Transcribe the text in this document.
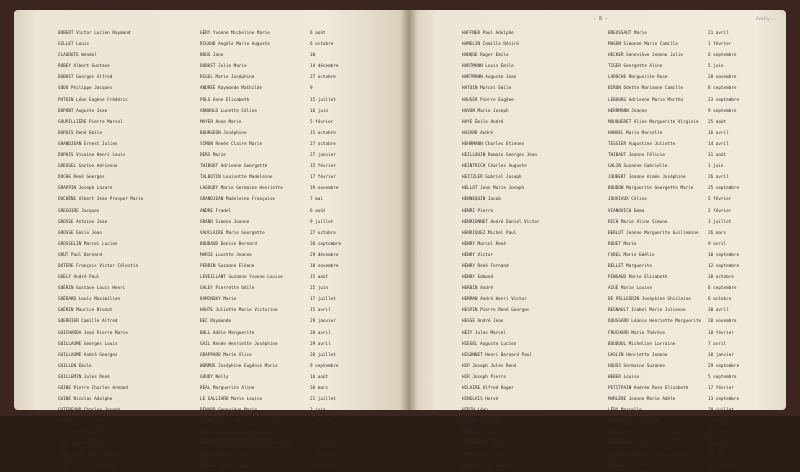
BOBERT Victor Lucien Raymond	GÉRY Yvonne Micheline Marie	6 août
GILLET Louis	RIGAUD Angèle Marie Auguste	6 octobre
CLAUDOTE Wendel	NOUS Jane	30
ROBEY Albert Gustave	DUBOST Julie Marie	14 décembre
DUBOST Georges Alfred	RIGEL Marie Joséphine	27 octobre
GODO Philippe Jacques	ANDRÉE Raymonde Mathilde	9
PATOIN Léon Eugène Frédéric	POLS Anne Elisabeth	15 juillet
DUPONT Auguste Jean	ARNOULD Lucette Céline	16 juin
GOUPILLIÈRE Pierre Marcel	MAYER Anne Marie	5 février
DUPUIS René Emile	BOURGEON Joséphine	15 octobre
GRANDJEAN Ernest Julien	SIMON Renée Claire Marie	27 octobre
DUPUIS Vivaine Henri Louis	DERS Marie	27 janvier
GREUSEL Gaston Adrienne	THIBOUT Adrienne Georgette	15 février
DUCHE René Georges	TALBOTIN Louisette Madeleine	17 février
GRAPPIN Joseph Lazare	LAGOUDY Marie Germaine Henriette	19 novembre
DUCHÊNE Albert Jean Prosper Marie	GRANDJEAN Madeleine Françoise	7 mai
GREGOIRE Jacques	ANDRE Fradel	6 août
GROSSE Antoine Jean	GRAND Simone Jeanne	9 juillet
GROSSE Emile Jean	VAUCLAIRE Marie Georgette	27 octobre
GROSSELIN Marcel Lucien	BOUDAUD Denise Bernard	20 septembre
GRUT Paul Bernard	MARIE Lucette Jeanne	29 décembre
DUTERE François Victor Célestin	PERRIN Suzanne Eléone	10 novembre
GUELY André Paul	LÉVEILLANT Suzanne Yvonne Louise	15 août
GUÉRIN Gustave Louis Henri	GALEY Pierrette Odile	25 juin
GUÉRARD Louis Maximilien	KAMINSKY Marie	17 juillet
GUÉRIN Maurice Brunot	HAUTE Juliette Marie Victorine	15 avril
GUERRIER Camille Alfred	BEC Raymonde	29 janvier
GUICHARDA Jean Pierre Marie	BOLL Adèle Marguerite	28 avril
GUILLAUME Georges Louis	GAIL Renée Henriette Joséphine	29 avril
GUILLAUME André Georges	GRAPPARD Marie Alice	26 juillet
GUILLEN Émile	WORMUS Joséphine Eugénie Marie	9 septembre
GUILLEMIN Jules René	GOUDY Nelly	16 août
GUINE Pierre Charles Armand	RÉAL Marguerite Aline	30 mars
GUINE Nicolas Adolphe	LE GALLIARD Marie Louise	21 juillet
GUTFREUND Charles Joseph	RENARD Geneviève Marie	2 juin
GUYON Paul Marcel	LAGOUCY Marie-Thérèse Henriette	5 février
GUYOT Paul Emile	PIQUE Simone Suzanne Antoinette Alice	7 juillet
GUYOT Marc Henri	PAUTRIER Philiberte Albertine Jeanne	26 juillet
GUYOT Roger Emile Georges	FERON Jeanne Simone	9 décembre
GUYOT Louis Jean Michel	AVOINE Jeanne Eugénie	20 décembre
- 8 -	Sadly ...
HAFFNER Paul Adolphe	BREUSSAUT Marie	21 avril
HAMELIN Camille Désiré	MAGON Simonne Marie Camille	1 février
HANQUE Roger Emile	HECKER Geneviève Jeanne Julie	6 septembre
HARTMANN Louis Emile	TIGER Georgette Aline	5 juin
HARTMANN Auguste Jean	LAROCHE Marguerite Rose	20 novembre
HATOIN Marcel Emile	BIRON Odette Marianne Camille	8 septembre
HAUSER Pierre Eugène	LEBOURG Adrienne Marie Martha	23 septembre
HAVON Marie Joseph	HERRMANN Jeanne	9 septembre
HAYE Émile André	MOUQUERET Aline Marguerite Virginie	25 août
HAZARD André	HANVEL Marie Marcelle	16 avril
HEHRMANN Charles Etienne	TESSIER Augustine Juliette	14 avril
HEILLOUIN Romain Georges Jean	THIBAUT Jeanne Félicie	31 août
HEINTRICH Charles Auguste	GALIN Suzanne Gabrielle	1 juin
HEITZLER Gabriel Joseph	JOUBERT Jeanne Aimée Joséphine	26 avril
HELLOT Jean Marie Joseph	BOUDON Marguerite Georgette Marie	25 septembre
HENNEQUIN Jacob	JOUVIAUX Céline	5 février
HENRI Pierre	VIANOVICH Emma	2 février
HENRIONNET André Daniel Victor	RICH Marie Aline Simone	3 juillet
HENRIQUEZ Michel Paul	BERLUT Jeanne Marguerite Guillemine	26 mars
HENRY Marcel René	ROUET Marie	9 avril
HENRY Victor	FAREL Marie Emélie	10 septembre
HENRY René Fernand	BELLET Marguerite	12 septembre
HENRY Edmond	PINGAUD Marie Elisabeth	30 octobre
HERBIN André	AIGÉ Marie Louise	6 septembre
HERMAN André Henri Victor	DE PELLEGRIN Joséphine Ghislaine	6 octobre
HESPIN Pierre René Georges	REGNAULT Isabel Marie Julienne	30 avril
HESSE André Jean	DOUSSARD Léonie Henriette Marguerite	20 novembre
HÉZY Jules Marcel	FRUCHARD Marie Thérèse	18 février
HIEGEL Auguste Lucien	BOUDOUL Micheline Lorraine	7 avril
HIGONNET Henri Bernard Paul	GASLIN Henriette Jeanne	30 janvier
HIP Joseph Jules René	HOUSS Germaine Suzanne	29 septembre
HIR Joseph Pierre	WEBER Louise	5 septembre
HILAIRE Alfred Roger	PETITPAIN Andrée Rose Elisabeth	17 février
HINGLAIS Hervé	MARLÈRE Jeanne Marie Adèle	13 septembre
HIRTH Léon	LÉPY Marcelle	20 juillet
HITIER Raymond	WAGNER Claire Esther	17 juillet
HOARAUCHE Léon	VAUCLE Amélie Valérie Yolande	15 août
HOLZHEIMER Jules	BOURGMANN Régina	13 avril
HORNY Henri Paul	STACHER Madeleine Jeanne Georgette	14 août
HOUIN Alfred Eugène	MARGUET Lucie Marie Rose	22 décembre
